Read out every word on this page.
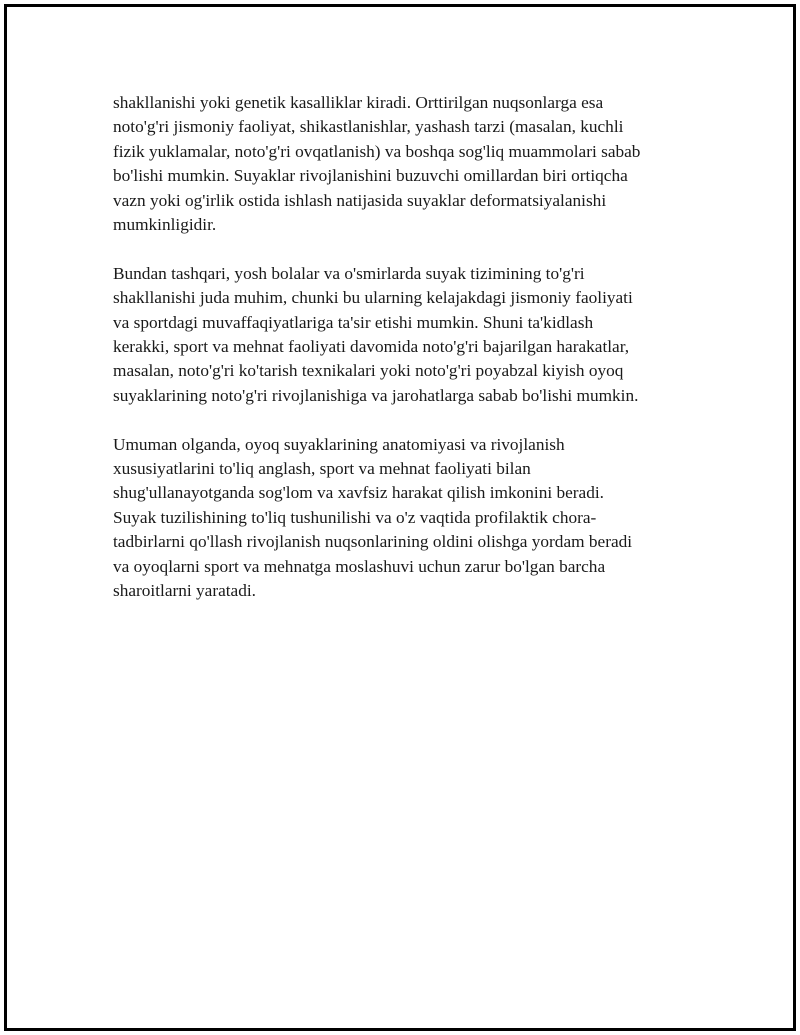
shakllanishi yoki genetik kasalliklar kiradi. Orttirilgan nuqsonlarga esa
noto'g'ri jismoniy faoliyat, shikastlanishlar, yashash tarzi (masalan, kuchli
fizik yuklamalar, noto'g'ri ovqatlanish) va boshqa sog'liq muammolari sabab
bo'lishi mumkin. Suyaklar rivojlanishini buzuvchi omillardan biri ortiqcha
vazn yoki og'irlik ostida ishlash natijasida suyaklar deformatsiyalanishi
mumkinligidir.

Bundan tashqari, yosh bolalar va o'smirlarda suyak tizimining to'g'ri
shakllanishi juda muhim, chunki bu ularning kelajakdagi jismoniy faoliyati
va sportdagi muvaffaqiyatlariga ta'sir etishi mumkin. Shuni ta'kidlash
kerakki, sport va mehnat faoliyati davomida noto'g'ri bajarilgan harakatlar,
masalan, noto'g'ri ko'tarish texnikalari yoki noto'g'ri poyabzal kiyish oyoq
suyaklarining noto'g'ri rivojlanishiga va jarohatlarga sabab bo'lishi mumkin.

Umuman olganda, oyoq suyaklarining anatomiyasi va rivojlanish
xususiyatlarini to'liq anglash, sport va mehnat faoliyati bilan
shug'ullanayotganda sog'lom va xavfsiz harakat qilish imkonini beradi.
Suyak tuzilishining to'liq tushunilishi va o'z vaqtida profilaktik chora-
tadbirlarni qo'llash rivojlanish nuqsonlarining oldini olishga yordam beradi
va oyoqlarni sport va mehnatga moslashuvi uchun zarur bo'lgan barcha
sharoitlarni yaratadi.
